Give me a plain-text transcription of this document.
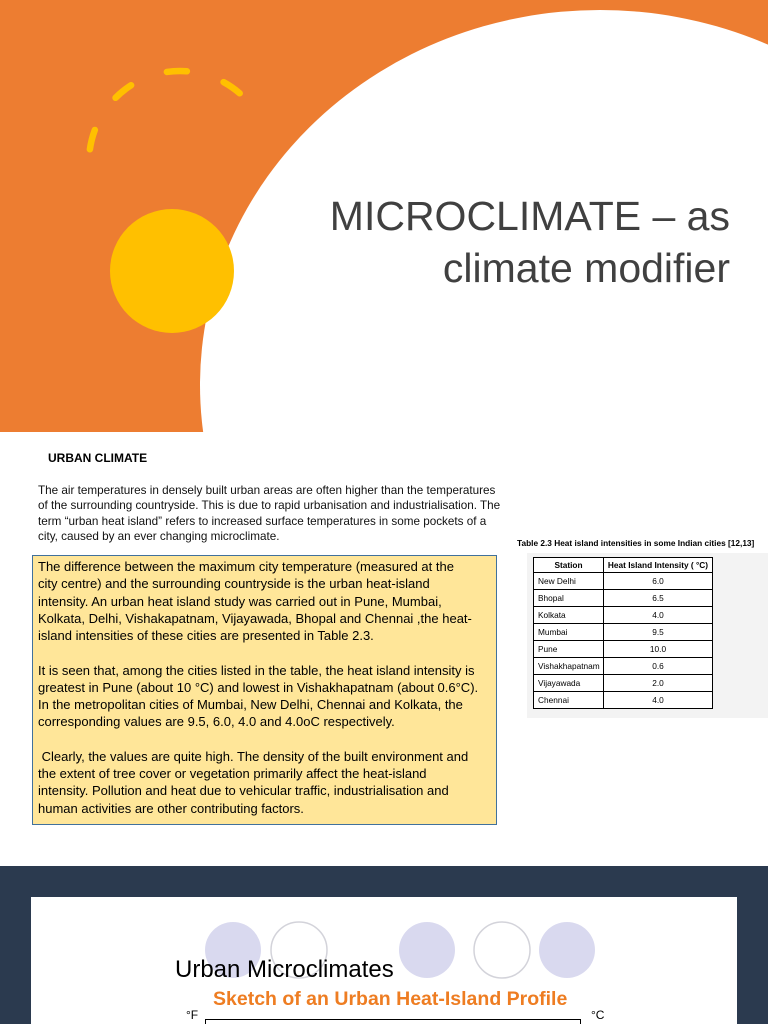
MICROCLIMATE – as
climate modifier
URBAN CLIMATE
The air temperatures in densely built urban areas are often higher than the temperatures
of the surrounding countryside. This is due to rapid urbanisation and industrialisation. The
term “urban heat island” refers to increased surface temperatures in some pockets of a
city, caused by an ever changing microclimate.
The difference between the maximum city temperature (measured at the
city centre) and the surrounding countryside is the urban heat-island
intensity. An urban heat island study was carried out in Pune, Mumbai,
Kolkata, Delhi, Vishakapatnam, Vijayawada, Bhopal and Chennai ,the heat-
island intensities of these cities are presented in Table 2.3.
It is seen that, among the cities listed in the table, the heat island intensity is
greatest in Pune (about 10 °C) and lowest in Vishakhapatnam (about 0.6°C).
In the metropolitan cities of Mumbai, New Delhi, Chennai and Kolkata, the
corresponding values are 9.5, 6.0, 4.0 and 4.0oC respectively.
Clearly, the values are quite high. The density of the built environment and
the extent of tree cover or vegetation primarily affect the heat-island
intensity. Pollution and heat due to vehicular traffic, industrialisation and
human activities are other contributing factors.
Table 2.3 Heat island intensities in some Indian cities [12,13]
Station	Heat Island Intensity ( °C)
New Delhi	6.0
Bhopal	6.5
Kolkata	4.0
Mumbai	9.5
Pune	10.0
Vishakhapatnam	0.6
Vijayawada	2.0
Chennai	4.0
Urban Microclimates
Sketch of an Urban Heat-Island Profile
°F	°C
